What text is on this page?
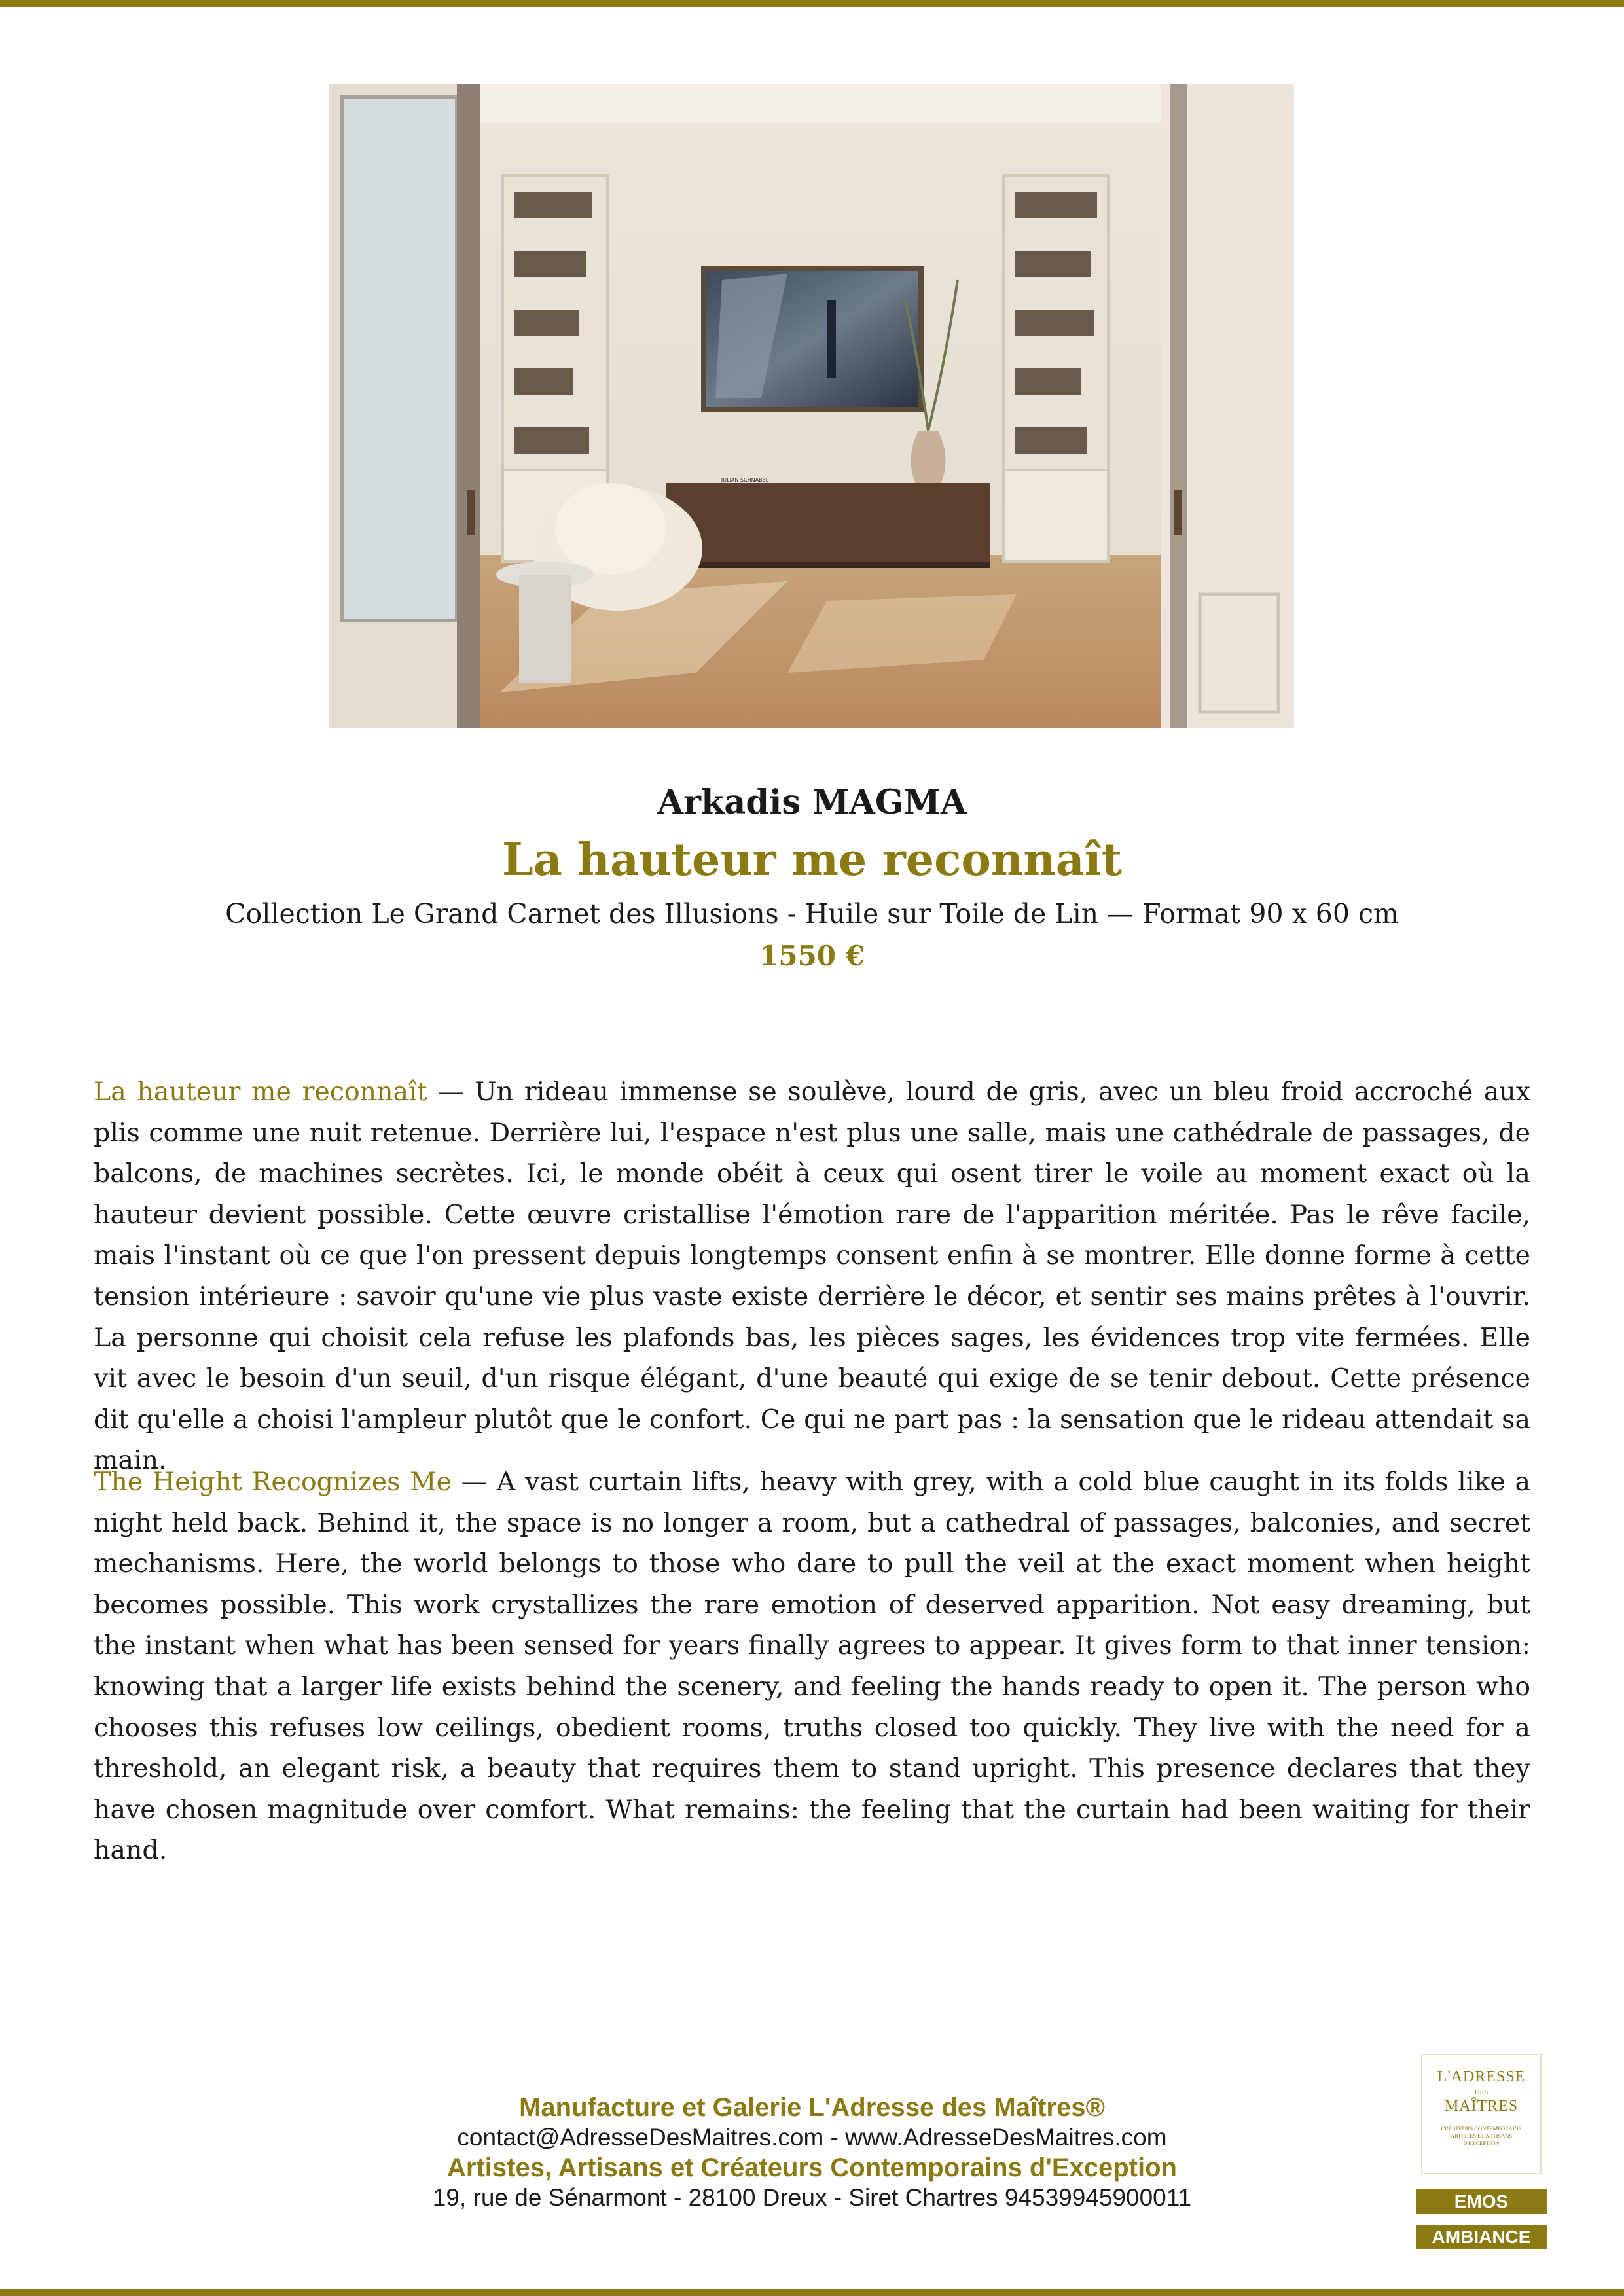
JULIAN SCHNABEL
Arkadis MAGMA
La hauteur me reconnaît
Collection Le Grand Carnet des Illusions - Huile sur Toile de Lin — Format 90 x 60 cm
1550 €

La hauteur me reconnaît — Un rideau immense se soulève, lourd de gris, avec un bleu froid accroché aux plis comme une nuit retenue. Derrière lui, l'espace n'est plus une salle, mais une cathédrale de passages, de balcons, de machines secrètes. Ici, le monde obéit à ceux qui osent tirer le voile au moment exact où la hauteur devient possible. Cette œuvre cristallise l'émotion rare de l'apparition méritée. Pas le rêve facile, mais l'instant où ce que l'on pressent depuis longtemps consent enfin à se montrer. Elle donne forme à cette tension intérieure : savoir qu'une vie plus vaste existe derrière le décor, et sentir ses mains prêtes à l'ouvrir. La personne qui choisit cela refuse les plafonds bas, les pièces sages, les évidences trop vite fermées. Elle vit avec le besoin d'un seuil, d'un risque élégant, d'une beauté qui exige de se tenir debout. Cette présence dit qu'elle a choisi l'ampleur plutôt que le confort. Ce qui ne part pas : la sensation que le rideau attendait sa main.

The Height Recognizes Me — A vast curtain lifts, heavy with grey, with a cold blue caught in its folds like a night held back. Behind it, the space is no longer a room, but a cathedral of passages, balconies, and secret mechanisms. Here, the world belongs to those who dare to pull the veil at the exact moment when height becomes possible. This work crystallizes the rare emotion of deserved apparition. Not easy dreaming, but the instant when what has been sensed for years finally agrees to appear. It gives form to that inner tension: knowing that a larger life exists behind the scenery, and feeling the hands ready to open it. The person who chooses this refuses low ceilings, obedient rooms, truths closed too quickly. They live with the need for a threshold, an elegant risk, a beauty that requires them to stand upright. This presence declares that they have chosen magnitude over comfort. What remains: the feeling that the curtain had been waiting for their hand.

Manufacture et Galerie L'Adresse des Maîtres®
contact@AdresseDesMaitres.com - www.AdresseDesMaitres.com
Artistes, Artisans et Créateurs Contemporains d'Exception
19, rue de Sénarmont - 28100 Dreux - Siret Chartres 94539945900011
L'ADRESSE
DES
MAÎTRES
CRÉATEURS CONTEMPORAINS ARTISTES ET ARTISANS D'EXCEPTION
EMOS
AMBIANCE
